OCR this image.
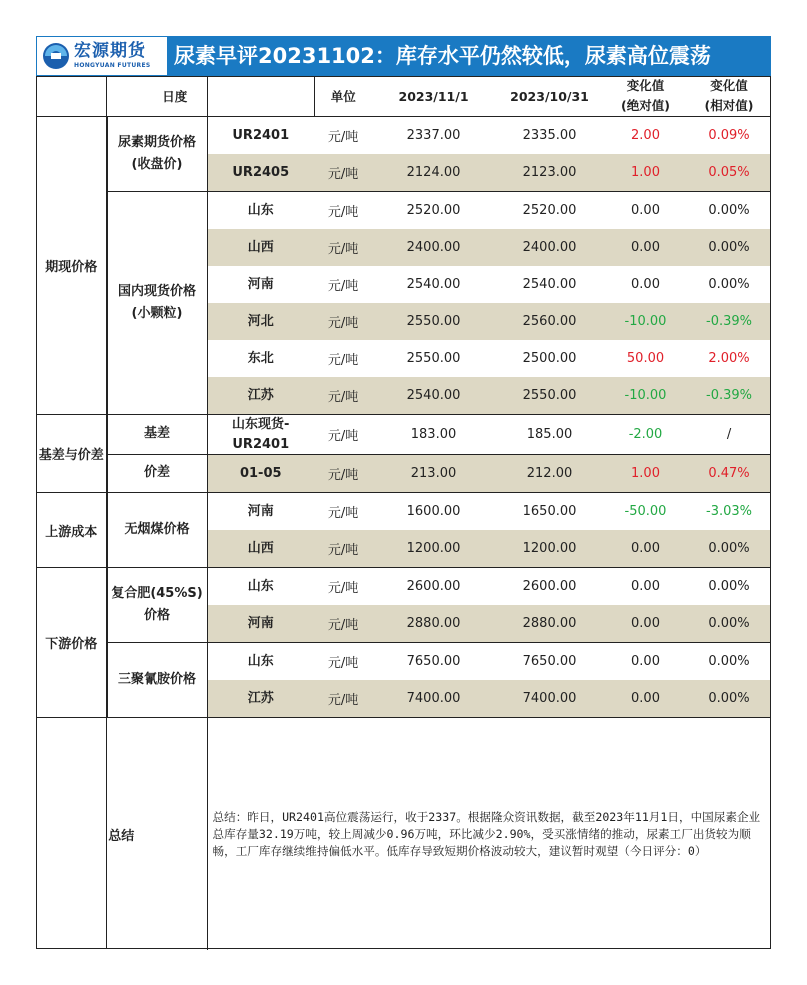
宏源期货
HONGYUAN FUTURES 尿素早评20231102：库存水平仍然较低，尿素高位震荡
日度			单位	2023/11/1	2023/10/31	变化值
(绝对值)	变化值
(相对值)
期现价格	尿素期货价格
(收盘价)	UR2401	元/吨	2337.00	2335.00	2.00	0.09%
		UR2405	元/吨	2124.00	2123.00	1.00	0.05%
	国内现货价格
(小颗粒)	山东	元/吨	2520.00	2520.00	0.00	0.00%
		山西	元/吨	2400.00	2400.00	0.00	0.00%
		河南	元/吨	2540.00	2540.00	0.00	0.00%
		河北	元/吨	2550.00	2560.00	-10.00	-0.39%
		东北	元/吨	2550.00	2500.00	50.00	2.00%
		江苏	元/吨	2540.00	2550.00	-10.00	-0.39%
基差与价差	基差	山东现货-
UR2401	元/吨	183.00	185.00	-2.00	/
	价差	01-05	元/吨	213.00	212.00	1.00	0.47%
上游成本	无烟煤价格	河南	元/吨	1600.00	1650.00	-50.00	-3.03%
		山西	元/吨	1200.00	1200.00	0.00	0.00%
下游价格	复合肥(45%S)
价格	山东	元/吨	2600.00	2600.00	0.00	0.00%
		河南	元/吨	2880.00	2880.00	0.00	0.00%
	三聚氰胺价格	山东	元/吨	7650.00	7650.00	0.00	0.00%
		江苏	元/吨	7400.00	7400.00	0.00	0.00%
总结		总结：昨日，UR2401高位震荡运行，收于2337。根据隆众资讯数据，截至2023年11月1日，中国尿素企业总库存量32.19万吨，较上周减少0.96万吨，环比减少2.90%，受买涨情绪的推动，尿素工厂出货较为顺畅，工厂库存继续维持偏低水平。低库存导致短期价格波动较大，建议暂时观望（今日评分：0）					
